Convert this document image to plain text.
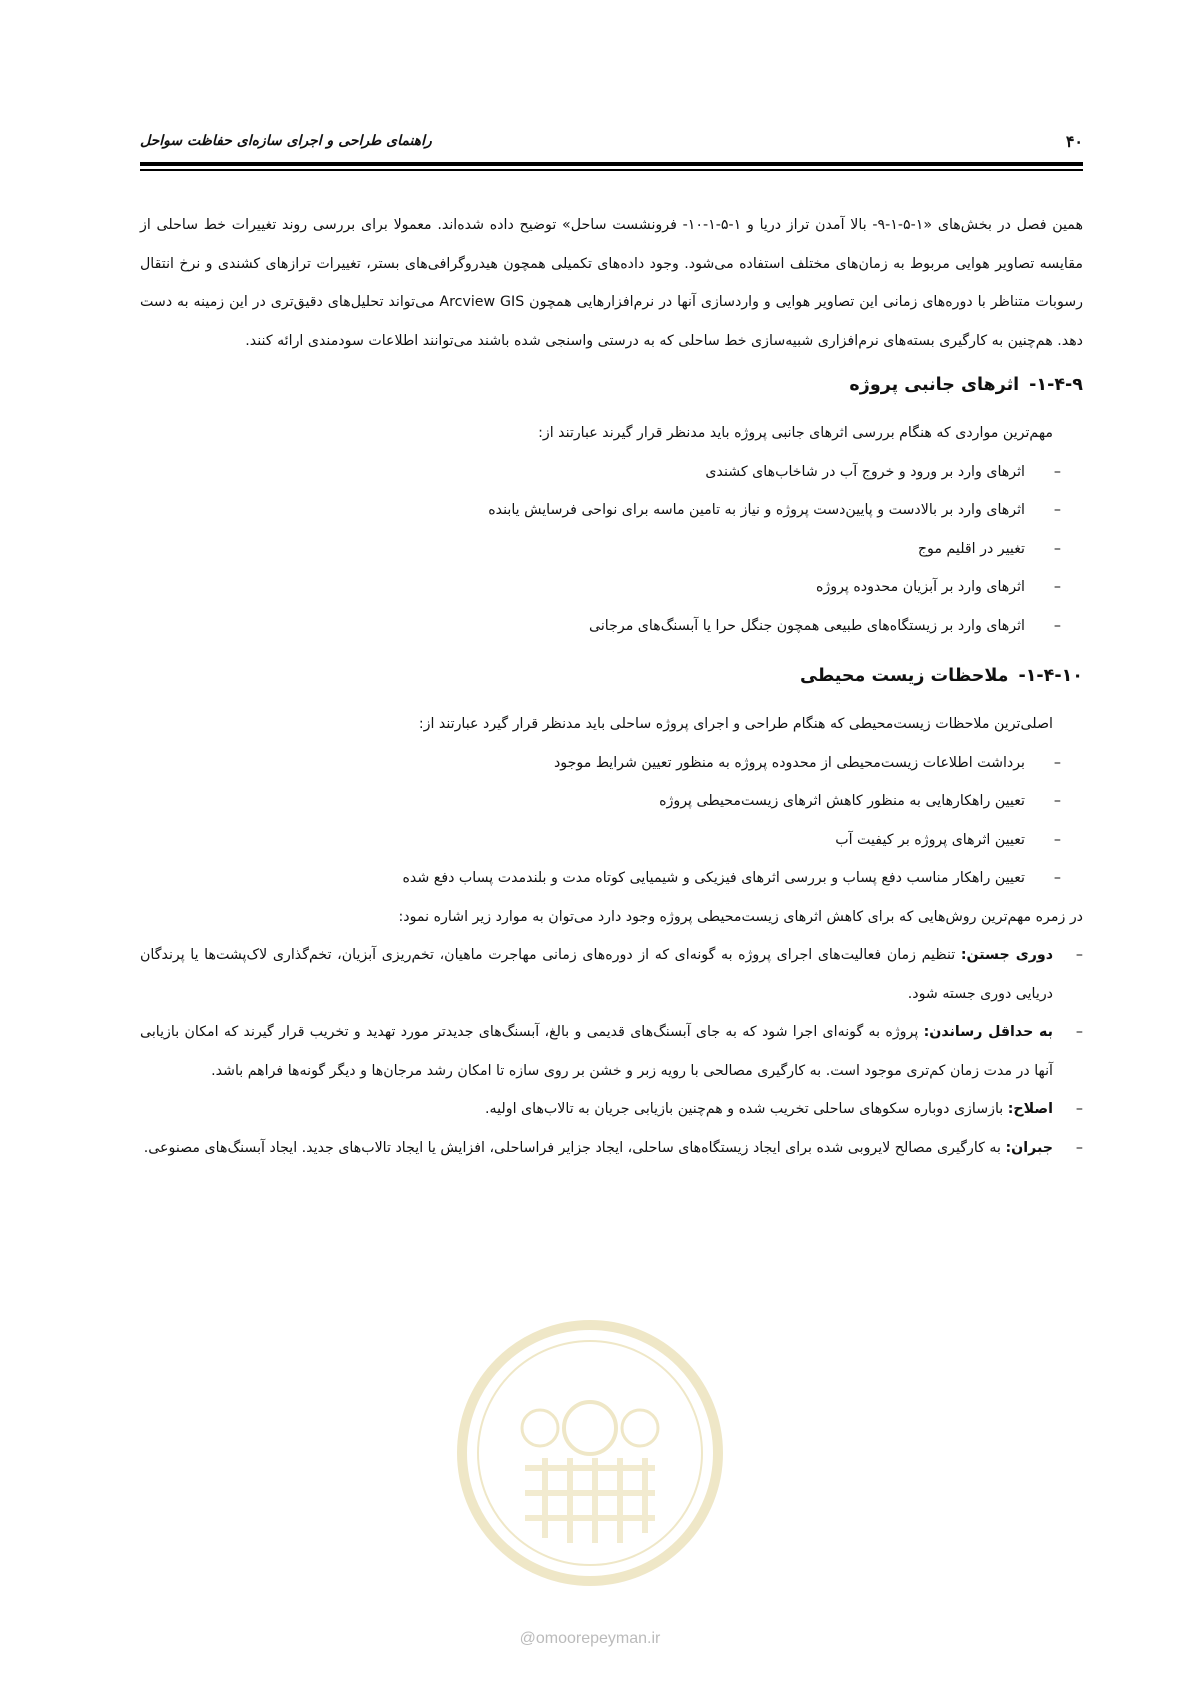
۴۰
راهنمای طراحی و اجرای سازه‌ای حفاظت سواحل

همین فصل در بخش‌های «۱-۵-۱-۹- بالا آمدن تراز دریا و ۱-۵-۱-۱۰- فرونشست ساحل» توضیح داده شده‌اند. معمولا برای بررسی روند تغییرات خط ساحلی از مقایسه تصاویر هوایی مربوط به زمان‌های مختلف استفاده می‌شود. وجود داده‌های تکمیلی همچون هیدروگرافی‌های بستر، تغییرات ترازهای کشندی و نرخ انتقال رسوبات متناظر با دوره‌های زمانی این تصاویر هوایی و واردسازی آنها در نرم‌افزارهایی همچون Arcview GIS می‌تواند تحلیل‌های دقیق‌تری در این زمینه به دست دهد. هم‌چنین به کارگیری بسته‌های نرم‌افزاری شبیه‌سازی خط ساحلی که به درستی واسنجی شده باشند می‌توانند اطلاعات سودمندی ارائه کنند.

۱-۴-۹-اثرهای جانبی پروژه

مهم‌ترین مواردی که هنگام بررسی اثرهای جانبی پروژه باید مدنظر قرار گیرند عبارتند از:

– اثرهای وارد بر ورود و خروج آب در شاخاب‌های کشندی
– اثرهای وارد بر بالادست و پایین‌دست پروژه و نیاز به تامین ماسه برای نواحی فرسایش یابنده
– تغییر در اقلیم موج
– اثرهای وارد بر آبزیان محدوده پروژه
– اثرهای وارد بر زیستگاه‌های طبیعی همچون جنگل حرا یا آبسنگ‌های مرجانی
۱-۴-۱۰-ملاحظات زیست محیطی

اصلی‌ترین ملاحظات زیست‌محیطی که هنگام طراحی و اجرای پروژه ساحلی باید مدنظر قرار گیرد عبارتند از:

– برداشت اطلاعات زیست‌محیطی از محدوده پروژه به منظور تعیین شرایط موجود
– تعیین راهکارهایی به منظور کاهش اثرهای زیست‌محیطی پروژه
– تعیین اثرهای پروژه بر کیفیت آب
– تعیین راهکار مناسب دفع پساب و بررسی اثرهای فیزیکی و شیمیایی کوتاه مدت و بلندمدت پساب دفع شده

در زمره مهم‌ترین روش‌هایی که برای کاهش اثرهای زیست‌محیطی پروژه وجود دارد می‌توان به موارد زیر اشاره نمود:

– دوری جستن: تنظیم زمان فعالیت‌های اجرای پروژه به گونه‌ای که از دوره‌های زمانی مهاجرت ماهیان، تخم‌ریزی آبزیان، تخم‌گذاری لاک‌پشت‌ها یا پرندگان دریایی دوری جسته شود.
– به حداقل رساندن: پروژه به گونه‌ای اجرا شود که به جای آبسنگ‌های قدیمی و بالغ، آبسنگ‌های جدیدتر مورد تهدید و تخریب قرار گیرند که امکان بازیابی آنها در مدت زمان کم‌تری موجود است. به کارگیری مصالحی با رویه زبر و خشن بر روی سازه تا امکان رشد مرجان‌ها و دیگر گونه‌ها فراهم باشد.
– اصلاح: بازسازی دوباره سکوهای ساحلی تخریب شده و هم‌چنین بازیابی جریان به تالاب‌های اولیه.
– جبران: به کارگیری مصالح لایروبی شده برای ایجاد زیستگاه‌های ساحلی، ایجاد جزایر فراساحلی، افزایش یا ایجاد تالاب‌های جدید. ایجاد آبسنگ‌های مصنوعی.
@omoorepeyman.ir
